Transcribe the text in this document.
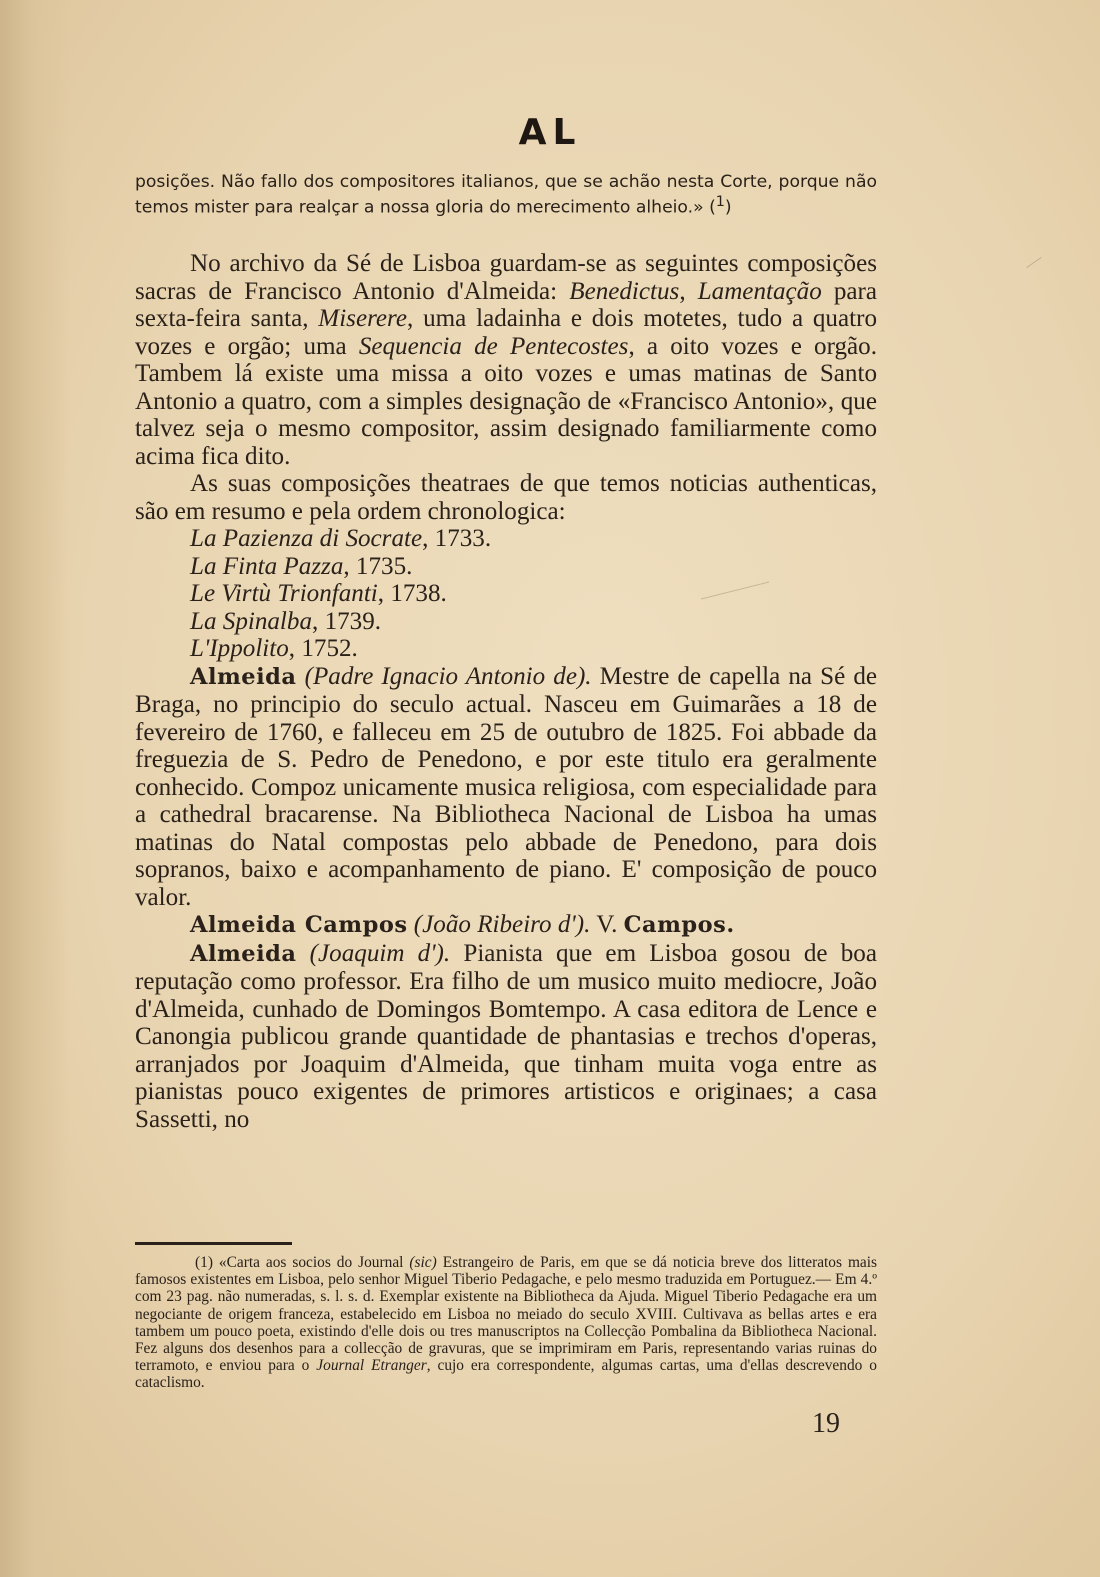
AL
posições. Não fallo dos compositores italianos, que se achão nesta Corte, porque não temos mister para realçar a nossa gloria do merecimento alheio.» ($^1$)

No archivo da Sé de Lisboa guardam-se as seguintes composições sacras de Francisco Antonio d'Almeida: Benedictus, Lamentação para sexta-feira santa, Miserere, uma ladainha e dois motetes, tudo a quatro vozes e orgão; uma Sequencia de Pentecostes, a oito vozes e orgão. Tambem lá existe uma missa a oito vozes e umas matinas de Santo Antonio a quatro, com a simples designação de «Francisco Antonio», que talvez seja o mesmo compositor, assim designado familiarmente como acima fica dito.

As suas composições theatraes de que temos noticias authenticas, são em resumo e pela ordem chronologica:

La Pazienza di Socrate, 1733.

La Finta Pazza, 1735.

Le Virtù Trionfanti, 1738.

La Spinalba, 1739.

L'Ippolito, 1752.

Almeida (Padre Ignacio Antonio de). Mestre de capella na Sé de Braga, no principio do seculo actual. Nasceu em Guimarães a 18 de fevereiro de 1760, e falleceu em 25 de outubro de 1825. Foi abbade da freguezia de S. Pedro de Penedono, e por este titulo era geralmente conhecido. Compoz unicamente musica religiosa, com especialidade para a cathedral bracarense. Na Bibliotheca Nacional de Lisboa ha umas matinas do Natal compostas pelo abbade de Penedono, para dois sopranos, baixo e acompanhamento de piano. E' composição de pouco valor.

Almeida Campos (João Ribeiro d'). V. Campos.

Almeida (Joaquim d'). Pianista que em Lisboa gosou de boa reputação como professor. Era filho de um musico muito mediocre, João d'Almeida, cunhado de Domingos Bomtempo. A casa editora de Lence e Canongia publicou grande quantidade de phantasias e trechos d'operas, arranjados por Joaquim d'Almeida, que tinham muita voga entre as pianistas pouco exigentes de primores artisticos e originaes; a casa Sassetti, no

(1) «Carta aos socios do Journal (sic) Estrangeiro de Paris, em que se dá noticia breve dos litteratos mais famosos existentes em Lisboa, pelo senhor Miguel Tiberio Pedagache, e pelo mesmo traduzida em Portuguez.— Em 4.º com 23 pag. não numeradas, s. l. s. d. Exemplar existente na Bibliotheca da Ajuda. Miguel Tiberio Pedagache era um negociante de origem franceza, estabelecido em Lisboa no meiado do seculo XVIII. Cultivava as bellas artes e era tambem um pouco poeta, existindo d'elle dois ou tres manuscriptos na Collecção Pombalina da Bibliotheca Nacional. Fez alguns dos desenhos para a collecção de gravuras, que se imprimiram em Paris, representando varias ruinas do terramoto, e enviou para o Journal Etranger, cujo era correspondente, algumas cartas, uma d'ellas descrevendo o cataclismo.
19
